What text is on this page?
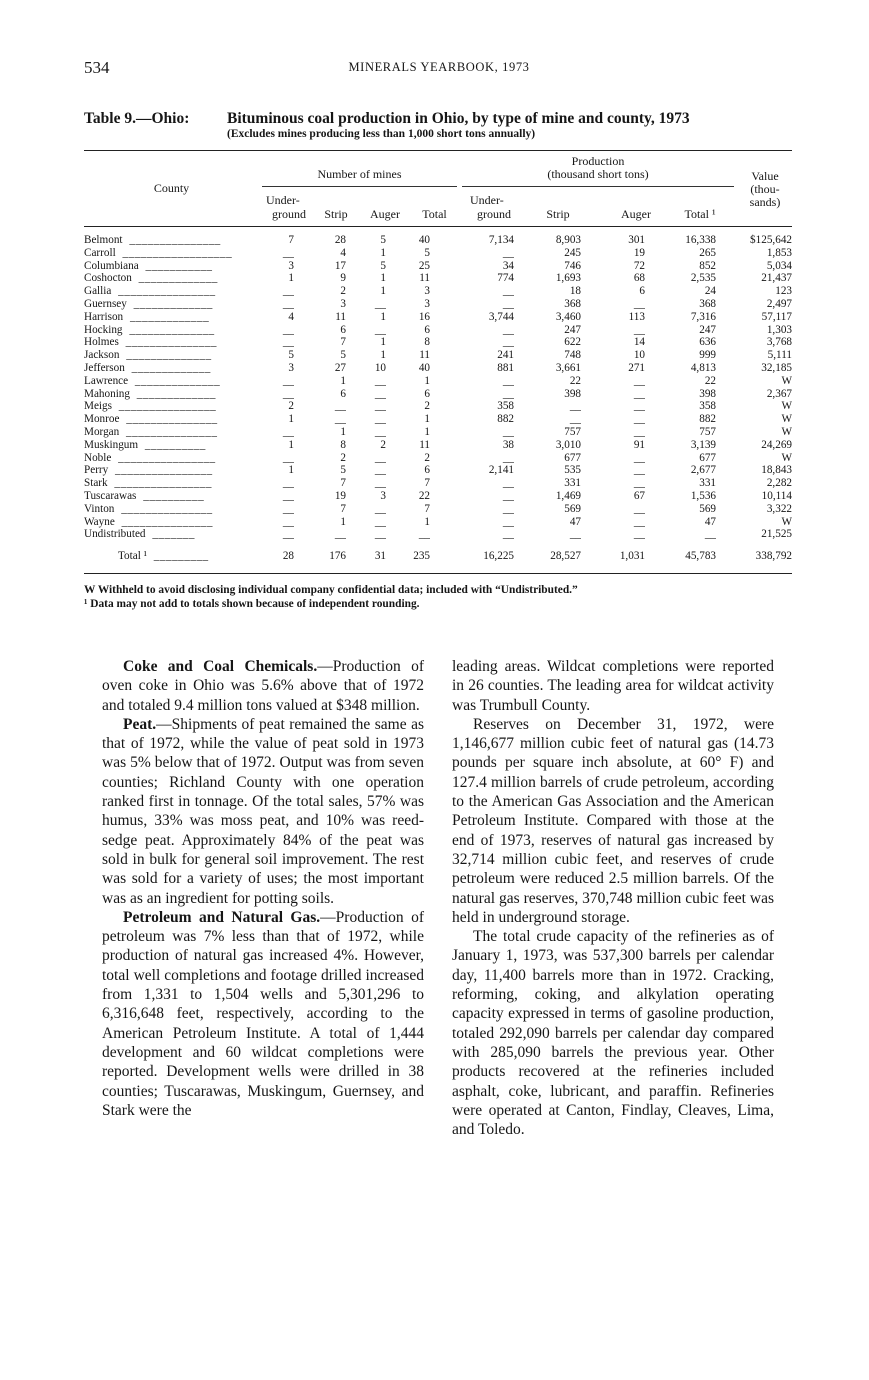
534	MINERALS YEARBOOK, 1973
Table 9.—Ohio: Bituminous coal production in Ohio, by type of mine and county, 1973
(Excludes mines producing less than 1,000 short tons annually)
County
Number of mines
Production
(thousand short tons)	Value
(thou-
sands)
Under-
ground	Strip	Auger	Total
Under-
ground	Strip	Auger	Total ¹
Belmont _______________	7	28	5	40	7,134	8,903	301	16,338	$125,642
Carroll __________________	__	4	1	5	__	245	19	265	1,853
Columbiana ___________	3	17	5	25	34	746	72	852	5,034
Coshocton _____________	1	9	1	11	774	1,693	68	2,535	21,437
Gallia ________________	__	2	1	3	__	18	6	24	123
Guernsey _____________	__	3	__	3	__	368	__	368	2,497
Harrison _____________	4	11	1	16	3,744	3,460	113	7,316	57,117
Hocking ______________	__	6	__	6	__	247	__	247	1,303
Holmes _______________	__	7	1	8	__	622	14	636	3,768
Jackson ______________	5	5	1	11	241	748	10	999	5,111
Jefferson _____________	3	27	10	40	881	3,661	271	4,813	32,185
Lawrence ______________	__	1	__	1	__	22	__	22	W
Mahoning _____________	__	6	__	6	__	398	__	398	2,367
Meigs ________________	2	__	__	2	358	__	__	358	W
Monroe _______________	1	__	__	1	882	__	__	882	W
Morgan _______________	__	1	__	1	__	757	__	757	W
Muskingum __________	1	8	2	11	38	3,010	91	3,139	24,269
Noble ________________	__	2	__	2	__	677	__	677	W
Perry ________________	1	5	__	6	2,141	535	__	2,677	18,843
Stark ________________	__	7	__	7	__	331	__	331	2,282
Tuscarawas __________	__	19	3	22	__	1,469	67	1,536	10,114
Vinton _______________	__	7	__	7	__	569	__	569	3,322
Wayne _______________	__	1	__	1	__	47	__	47	W
Undistributed _______	__	__	__	__	__	__	__	__	21,525
Total ¹ _________	28	176	31	235	16,225	28,527	1,031	45,783	338,792

W Withheld to avoid disclosing individual company confidential data; included with “Undistributed.”

¹ Data may not add to totals shown because of independent rounding.

Coke and Coal Chemicals.—Production of oven coke in Ohio was 5.6% above that of 1972 and totaled 9.4 million tons valued at $348 million.

Peat.—Shipments of peat remained the same as that of 1972, while the value of peat sold in 1973 was 5% below that of 1972. Output was from seven counties; Richland County with one operation ranked first in tonnage. Of the total sales, 57% was humus, 33% was moss peat, and 10% was reed-sedge peat. Approximately 84% of the peat was sold in bulk for general soil improvement. The rest was sold for a variety of uses; the most important was as an ingredient for potting soils.

Petroleum and Natural Gas.—Production of petroleum was 7% less than that of 1972, while production of natural gas increased 4%. However, total well completions and footage drilled increased from 1,331 to 1,504 wells and 5,301,296 to 6,316,648 feet, respectively, according to the American Petroleum Institute. A total of 1,444 development and 60 wildcat completions were reported. Development wells were drilled in 38 counties; Tuscarawas, Muskingum, Guernsey, and Stark were the

leading areas. Wildcat completions were reported in 26 counties. The leading area for wildcat activity was Trumbull County.

Reserves on December 31, 1972, were 1,146,677 million cubic feet of natural gas (14.73 pounds per square inch absolute, at 60° F) and 127.4 million barrels of crude petroleum, according to the American Gas Association and the American Petroleum Institute. Compared with those at the end of 1973, reserves of natural gas increased by 32,714 million cubic feet, and reserves of crude petroleum were reduced 2.5 million barrels. Of the natural gas reserves, 370,748 million cubic feet was held in underground storage.

The total crude capacity of the refineries as of January 1, 1973, was 537,300 barrels per calendar day, 11,400 barrels more than in 1972. Cracking, reforming, coking, and alkylation operating capacity expressed in terms of gasoline production, totaled 292,090 barrels per calendar day compared with 285,090 barrels the previous year. Other products recovered at the refineries included asphalt, coke, lubricant, and paraffin. Refineries were operated at Canton, Findlay, Cleaves, Lima, and Toledo.
